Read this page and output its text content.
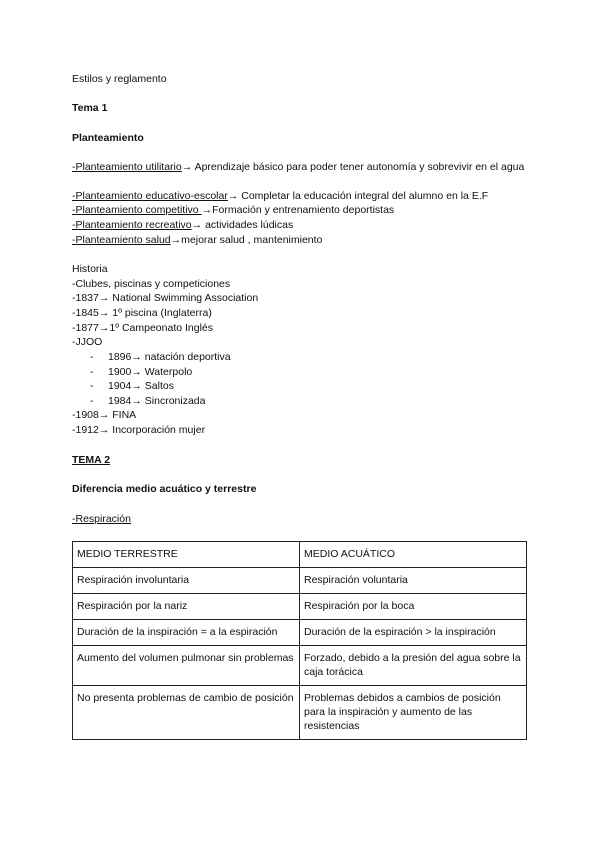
Estilos y reglamento
Tema 1
Planteamiento
-Planteamiento utilitario→ Aprendizaje básico para poder tener autonomía y sobrevivir en el agua
-Planteamiento educativo-escolar→ Completar la educación integral del alumno en la E.F
-Planteamiento competitivo →Formación y entrenamiento deportistas
-Planteamiento recreativo→ actividades lúdicas
-Planteamiento salud→mejorar salud , mantenimiento
Historia
-Clubes, piscinas y competiciones
-1837→ National Swimming Association
-1845→ 1º piscina (Inglaterra)
-1877→1º Campeonato Inglés
-JJOO
- 1896→ natación deportiva
- 1900→ Waterpolo
- 1904→ Saltos
- 1984→ Sincronizada
-1908→ FINA
-1912→ Incorporación mujer
TEMA 2
Diferencia medio acuático y terrestre
-Respiración
MEDIO TERRESTRE	MEDIO ACUÁTICO
Respiración involuntaria	Respiración voluntaria
Respiración por la nariz	Respiración por la boca
Duración de la inspiración = a la espiración	Duración de la espiración > la inspiración
Aumento del volumen pulmonar sin problemas	Forzado, debido a la presión del agua sobre la caja torácica
No presenta problemas de cambio de posición	Problemas debidos a cambios de posición para la inspiración y aumento de las resistencias
